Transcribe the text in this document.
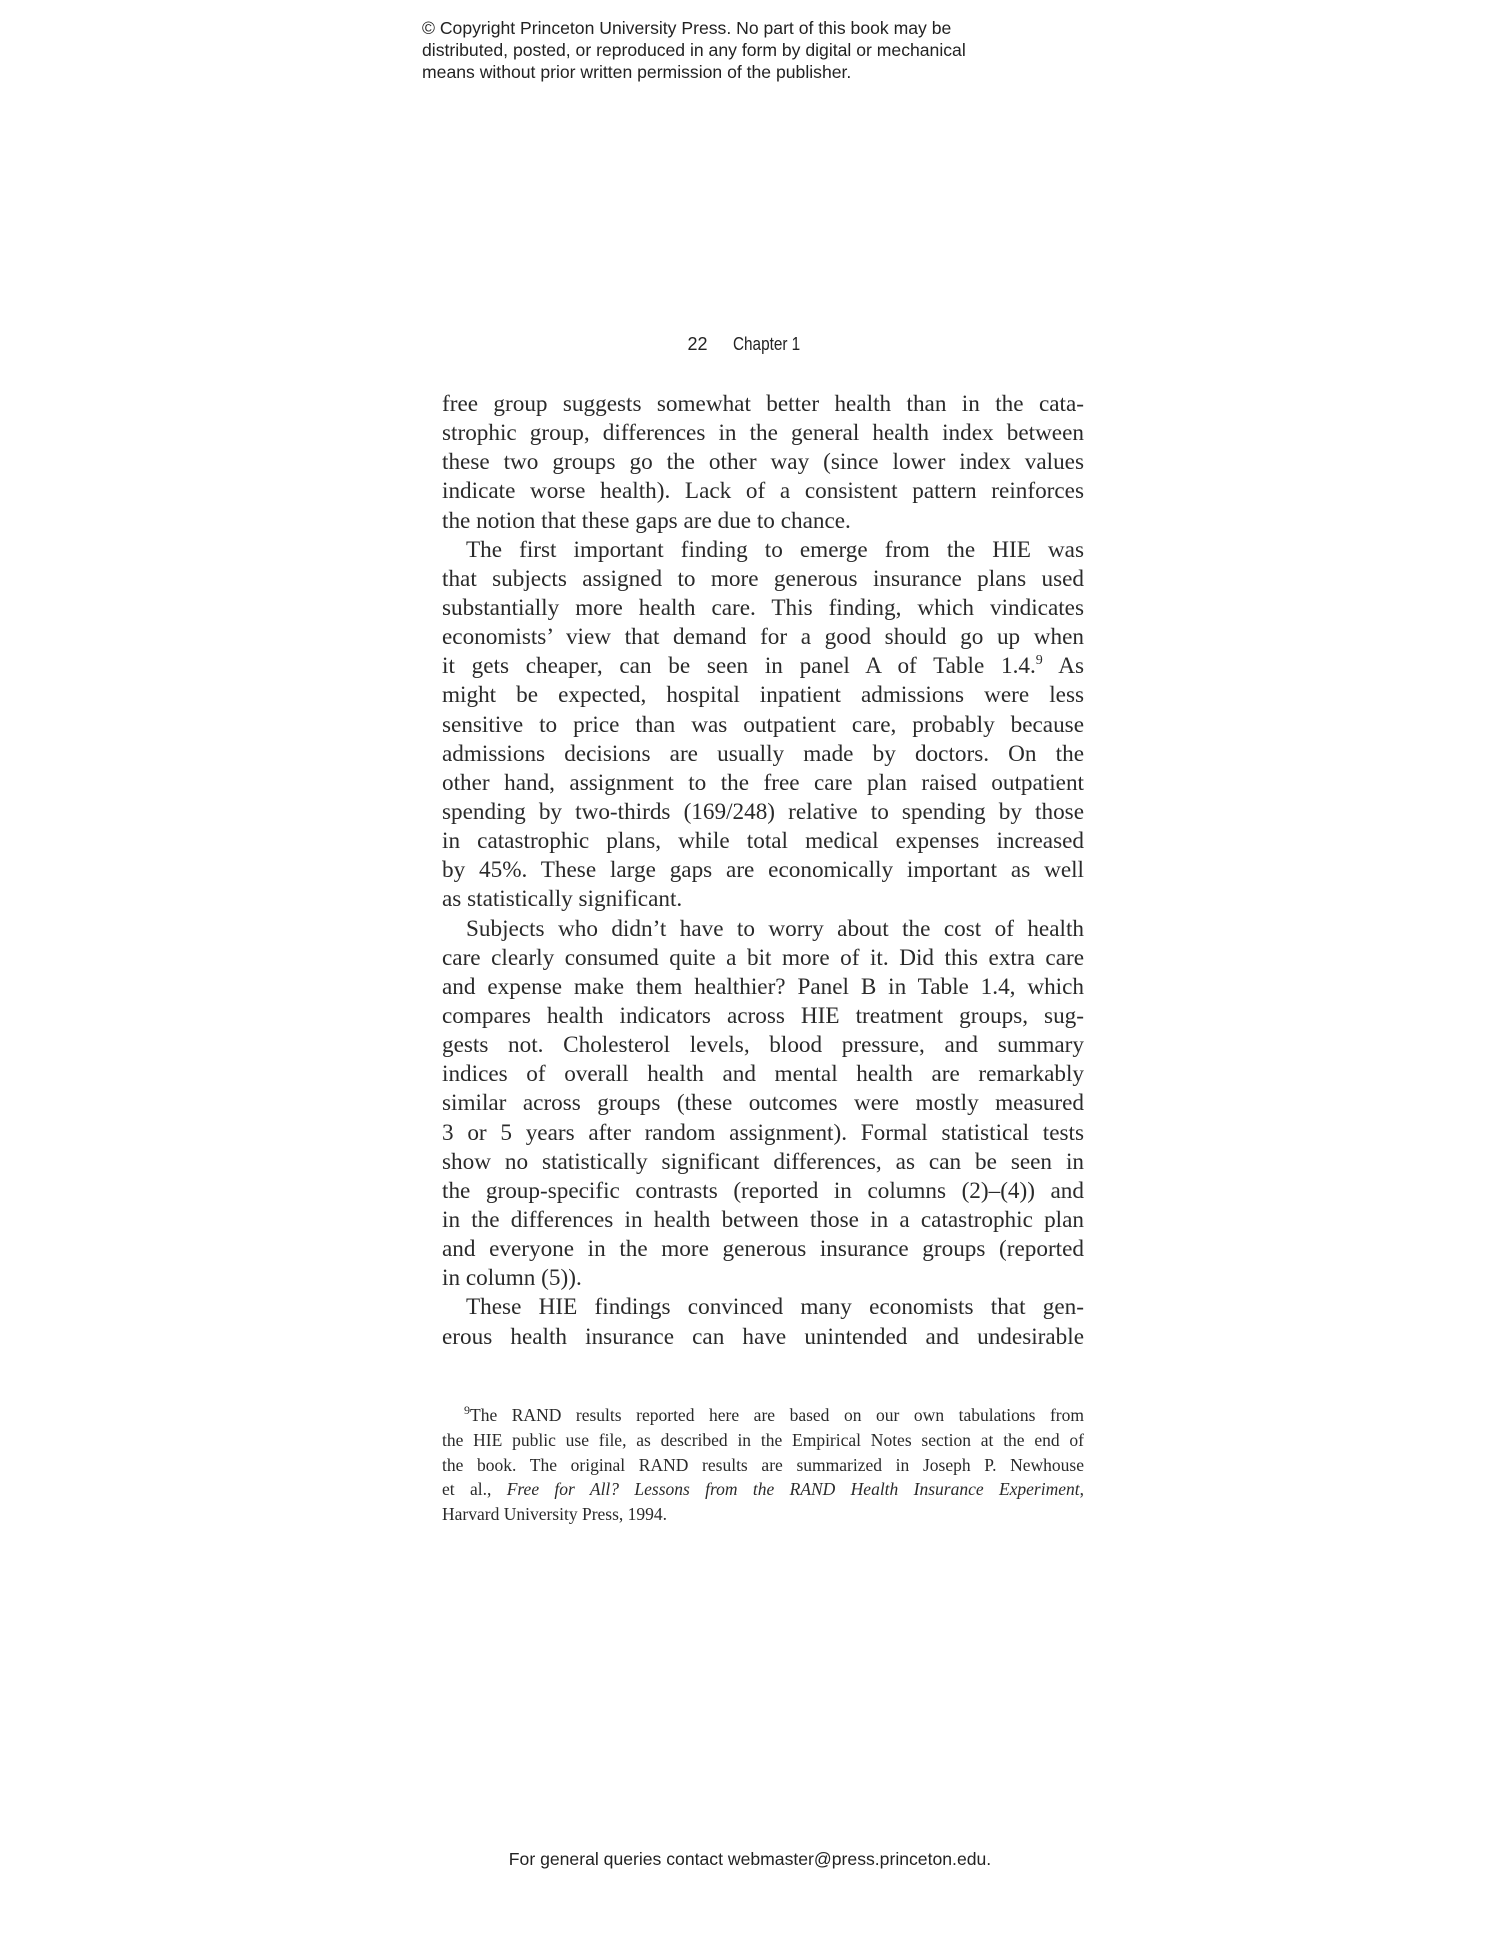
© Copyright Princeton University Press. No part of this book may be
distributed, posted, or reproduced in any form by digital or mechanical
means without prior written permission of the publisher.
22 Chapter 1
free group suggests somewhat better health than in the cata-
strophic group, differences in the general health index between
these two groups go the other way (since lower index values
indicate worse health). Lack of a consistent pattern reinforces
the notion that these gaps are due to chance.
The first important finding to emerge from the HIE was
that subjects assigned to more generous insurance plans used
substantially more health care. This finding, which vindicates
economists’ view that demand for a good should go up when
it gets cheaper, can be seen in panel A of Table 1.4.$^9$ As
might be expected, hospital inpatient admissions were less
sensitive to price than was outpatient care, probably because
admissions decisions are usually made by doctors. On the
other hand, assignment to the free care plan raised outpatient
spending by two-thirds (169/248) relative to spending by those
in catastrophic plans, while total medical expenses increased
by 45%. These large gaps are economically important as well
as statistically significant.
Subjects who didn’t have to worry about the cost of health
care clearly consumed quite a bit more of it. Did this extra care
and expense make them healthier? Panel B in Table 1.4, which
compares health indicators across HIE treatment groups, sug-
gests not. Cholesterol levels, blood pressure, and summary
indices of overall health and mental health are remarkably
similar across groups (these outcomes were mostly measured
3 or 5 years after random assignment). Formal statistical tests
show no statistically significant differences, as can be seen in
the group-specific contrasts (reported in columns (2)–(4)) and
in the differences in health between those in a catastrophic plan
and everyone in the more generous insurance groups (reported
in column (5)).
These HIE findings convinced many economists that gen-
erous health insurance can have unintended and undesirable
$^9$The RAND results reported here are based on our own tabulations from
the HIE public use file, as described in the Empirical Notes section at the end of
the book. The original RAND results are summarized in Joseph P. Newhouse
et al., Free for All? Lessons from the RAND Health Insurance Experiment,
Harvard University Press, 1994.
For general queries contact webmaster@press.princeton.edu.
